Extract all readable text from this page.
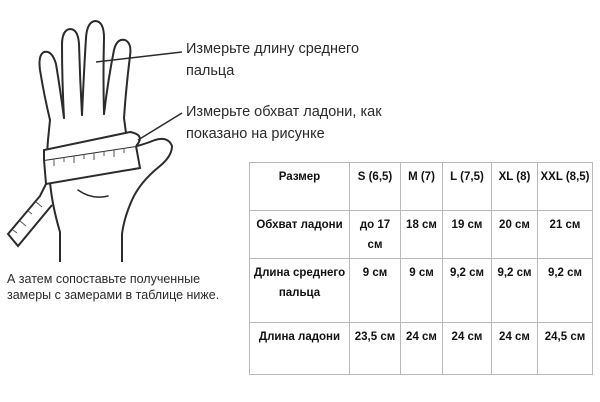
Измерьте длину среднего пальца

Измерьте обхват ладони, как показано на рисунке

А затем сопоставьте полученные замеры с замерами в таблице ниже.

Размер	S (6,5)	M (7)	L (7,5)	XL (8)	XXL (8,5)
Обхват ладони	до 17 см	18 см	19 см	20 см	21 см
Длина среднего пальца	9 см	9 см	9,2 см	9,2 см	9,2 см
Длина ладони	23,5 см	24 см	24 см	24 см	24,5 см
